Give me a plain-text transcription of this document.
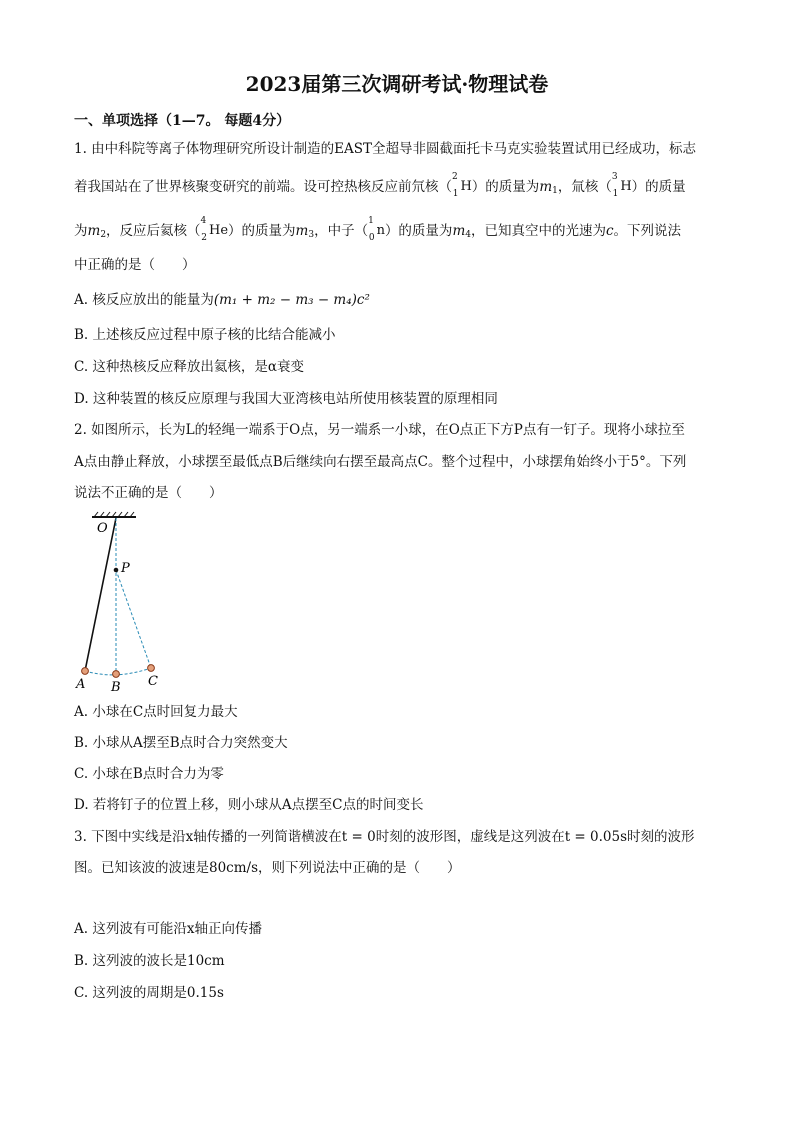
2023届第三次调研考试·物理试卷
一、单项选择（1—7。 每题4分）
1. 由中科院等离子体物理研究所设计制造的EAST全超导非圆截面托卡马克实验装置试用已经成功，标志
着我国站在了世界核聚变研究的前端。设可控热核反应前氘核（$^2_1$H）的质量为m1，氚核（$^3_1$H）的质量
为m2，反应后氦核（$^4_2$He）的质量为m3，中子（$^1_0$n）的质量为m4，已知真空中的光速为c。下列说法
中正确的是（　　）
A. 核反应放出的能量为(m₁ + m₂ − m₃ − m₄)c²
B. 上述核反应过程中原子核的比结合能减小
C. 这种热核反应释放出氦核，是α衰变
D. 这种装置的核反应原理与我国大亚湾核电站所使用核装置的原理相同
2. 如图所示，长为L的轻绳一端系于O点，另一端系一小球，在O点正下方P点有一钉子。现将小球拉至
A点由静止释放，小球摆至最低点B后继续向右摆至最高点C。整个过程中，小球摆角始终小于5°。下列
说法不正确的是（　　）
O
P
A B C
A. 小球在C点时回复力最大
B. 小球从A摆至B点时合力突然变大
C. 小球在B点时合力为零
D. 若将钉子的位置上移，则小球从A点摆至C点的时间变长
3. 下图中实线是沿x轴传播的一列简谐横波在t = 0时刻的波形图，虚线是这列波在t = 0.05s时刻的波形
图。已知该波的波速是80cm/s，则下列说法中正确的是（　　）
A. 这列波有可能沿x轴正向传播
B. 这列波的波长是10cm
C. 这列波的周期是0.15s
